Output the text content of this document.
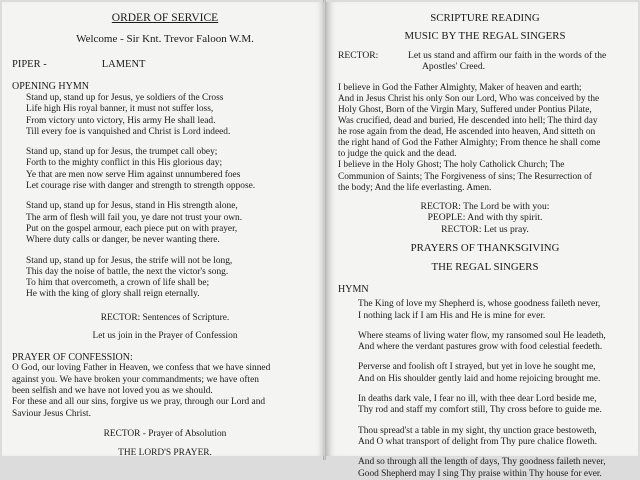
ORDER OF SERVICE
Welcome - Sir Knt. Trevor Faloon W.M.
PIPER -	LAMENT
OPENING HYMN
Stand up, stand up for Jesus, ye soldiers of the Cross
Life high His royal banner, it must not suffer loss,
From victory unto victory, His army He shall lead.
Till every foe is vanquished and Christ is Lord indeed.
Stand up, stand up for Jesus, the trumpet call obey;
Forth to the mighty conflict in this His glorious day;
Ye that are men now serve Him against unnumbered foes
Let courage rise with danger and strength to strength oppose.
Stand up, stand up for Jesus, stand in His strength alone,
The arm of flesh will fail you, ye dare not trust your own.
Put on the gospel armour, each piece put on with prayer,
Where duty calls or danger, be never wanting there.
Stand up, stand up for Jesus, the strife will not be long,
This day the noise of battle, the next the victor's song.
To him that overcometh, a crown of life shall be;
He with the king of glory shall reign eternally.
RECTOR: Sentences of Scripture.
Let us join in the Prayer of Confession
PRAYER OF CONFESSION:
O God, our loving Father in Heaven, we confess that we have sinned
against you. We have broken your commandments; we have often
been selfish and we have not loved you as we should.
For these and all our sins, forgive us we pray, through our Lord and
Saviour Jesus Christ.
RECTOR - Prayer of Absolution
THE LORD'S PRAYER.
SCRIPTURE READING
MUSIC BY THE REGAL SINGERS
RECTOR:	Let us stand and affirm our faith in the words of the
Apostles' Creed.
I believe in God the Father Almighty, Maker of heaven and earth;
And in Jesus Christ his only Son our Lord, Who was conceived by the
Holy Ghost, Born of the Virgin Mary, Suffered under Pontius Pilate,
Was crucified, dead and buried, He descended into hell; The third day
he rose again from the dead, He ascended into heaven, And sitteth on
the right hand of God the Father Almighty; From thence he shall come
to judge the quick and the dead.
I believe in the Holy Ghost; The holy Catholick Church; The
Communion of Saints; The Forgiveness of sins; The Resurrection of
the body; And the life everlasting. Amen.
RECTOR: The Lord be with you:
PEOPLE: And with thy spirit.
RECTOR: Let us pray.
PRAYERS OF THANKSGIVING
THE REGAL SINGERS
HYMN
The King of love my Shepherd is, whose goodness faileth never,
I nothing lack if I am His and He is mine for ever.
Where steams of living water flow, my ransomed soul He leadeth,
And where the verdant pastures grow with food celestial feedeth.
Perverse and foolish oft I strayed, but yet in love he sought me,
And on His shoulder gently laid and home rejoicing brought me.
In deaths dark vale, I fear no ill, with thee dear Lord beside me,
Thy rod and staff my comfort still, Thy cross before to guide me.
Thou spread'st a table in my sight, thy unction grace bestoweth,
And O what transport of delight from Thy pure chalice floweth.
And so through all the length of days, Thy goodness faileth never,
Good Shepherd may I sing Thy praise within Thy house for ever.
